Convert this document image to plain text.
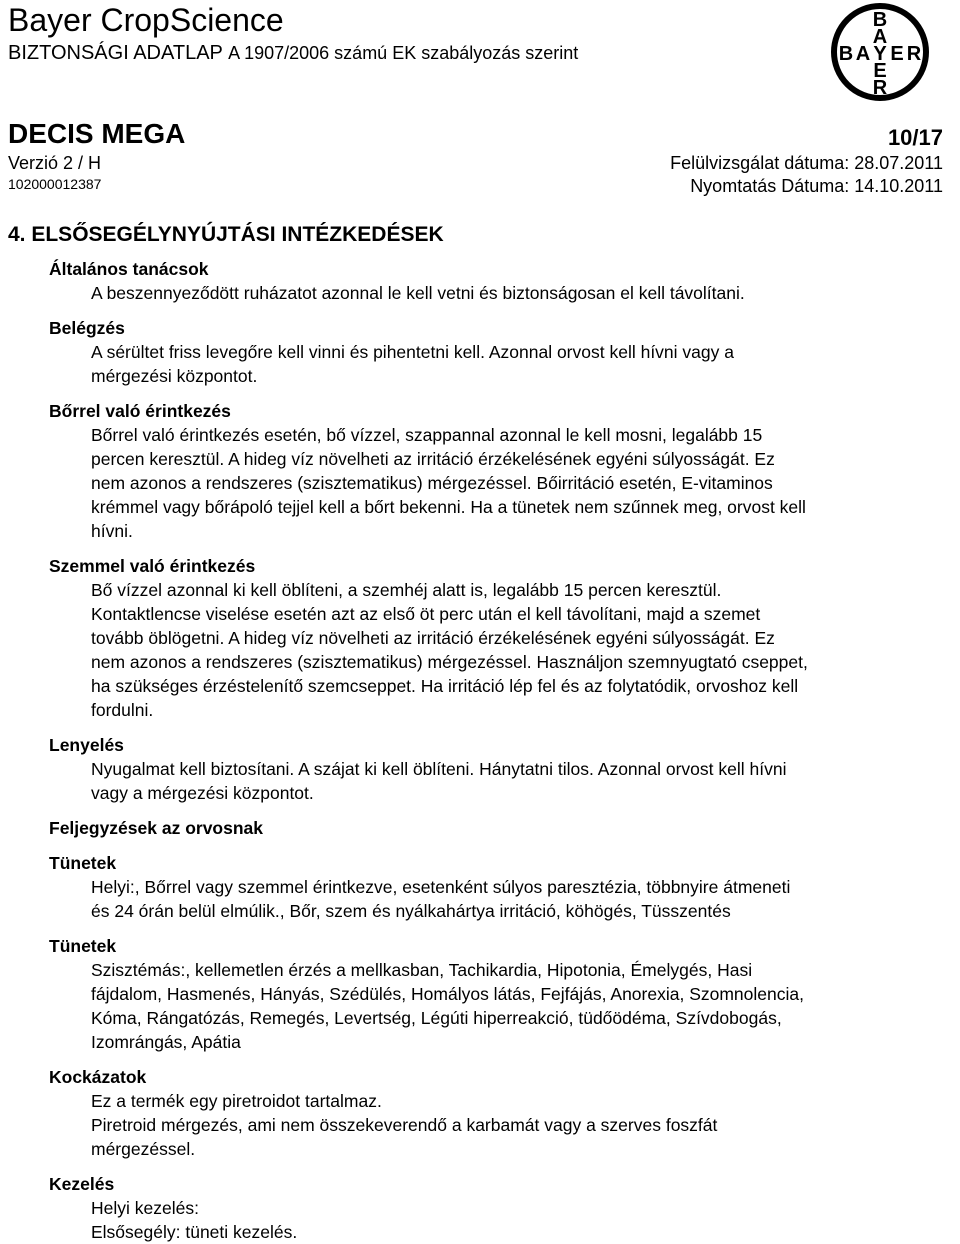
Bayer CropScience
BIZTONSÁGI ADATLAP A 1907/2006 számú EK szabályozás szerint
B
A
B A Y E R
E
R
DECIS MEGA	10/17
Verzió 2 / H	Felülvizsgálat dátuma: 28.07.2011
102000012387	Nyomtatás Dátuma: 14.10.2011
4. ELSŐSEGÉLYNYÚJTÁSI INTÉZKEDÉSEK
Általános tanácsok
A beszennyeződött ruházatot azonnal le kell vetni és biztonságosan el kell távolítani.
Belégzés
A sérültet friss levegőre kell vinni és pihentetni kell. Azonnal orvost kell hívni vagy a
mérgezési központot.
Bőrrel való érintkezés
Bőrrel való érintkezés esetén, bő vízzel, szappannal azonnal le kell mosni, legalább 15
percen keresztül. A hideg víz növelheti az irritáció érzékelésének egyéni súlyosságát. Ez
nem azonos a rendszeres (szisztematikus) mérgezéssel. Bőirritáció esetén, E-vitaminos
krémmel vagy bőrápoló tejjel kell a bőrt bekenni. Ha a tünetek nem szűnnek meg, orvost kell
hívni.
Szemmel való érintkezés
Bő vízzel azonnal ki kell öblíteni, a szemhéj alatt is, legalább 15 percen keresztül.
Kontaktlencse viselése esetén azt az első öt perc után el kell távolítani, majd a szemet
tovább öblögetni. A hideg víz növelheti az irritáció érzékelésének egyéni súlyosságát. Ez
nem azonos a rendszeres (szisztematikus) mérgezéssel. Használjon szemnyugtató cseppet,
ha szükséges érzéstelenítő szemcseppet. Ha irritáció lép fel és az folytatódik, orvoshoz kell
fordulni.
Lenyelés
Nyugalmat kell biztosítani. A szájat ki kell öblíteni. Hánytatni tilos. Azonnal orvost kell hívni
vagy a mérgezési központot.
Feljegyzések az orvosnak
Tünetek
Helyi:, Bőrrel vagy szemmel érintkezve, esetenként súlyos paresztézia, többnyire átmeneti
és 24 órán belül elmúlik., Bőr, szem és nyálkahártya irritáció, köhögés, Tüsszentés
Tünetek
Szisztémás:, kellemetlen érzés a mellkasban, Tachikardia, Hipotonia, Émelygés, Hasi
fájdalom, Hasmenés, Hányás, Szédülés, Homályos látás, Fejfájás, Anorexia, Szomnolencia,
Kóma, Rángatózás, Remegés, Levertség, Légúti hiperreakció, tüdőödéma, Szívdobogás,
Izomrángás, Apátia
Kockázatok
Ez a termék egy piretroidot tartalmaz.
Piretroid mérgezés, ami nem összekeverendő a karbamát vagy a szerves foszfát
mérgezéssel.
Kezelés
Helyi kezelés:
Elsősegély: tüneti kezelés.
